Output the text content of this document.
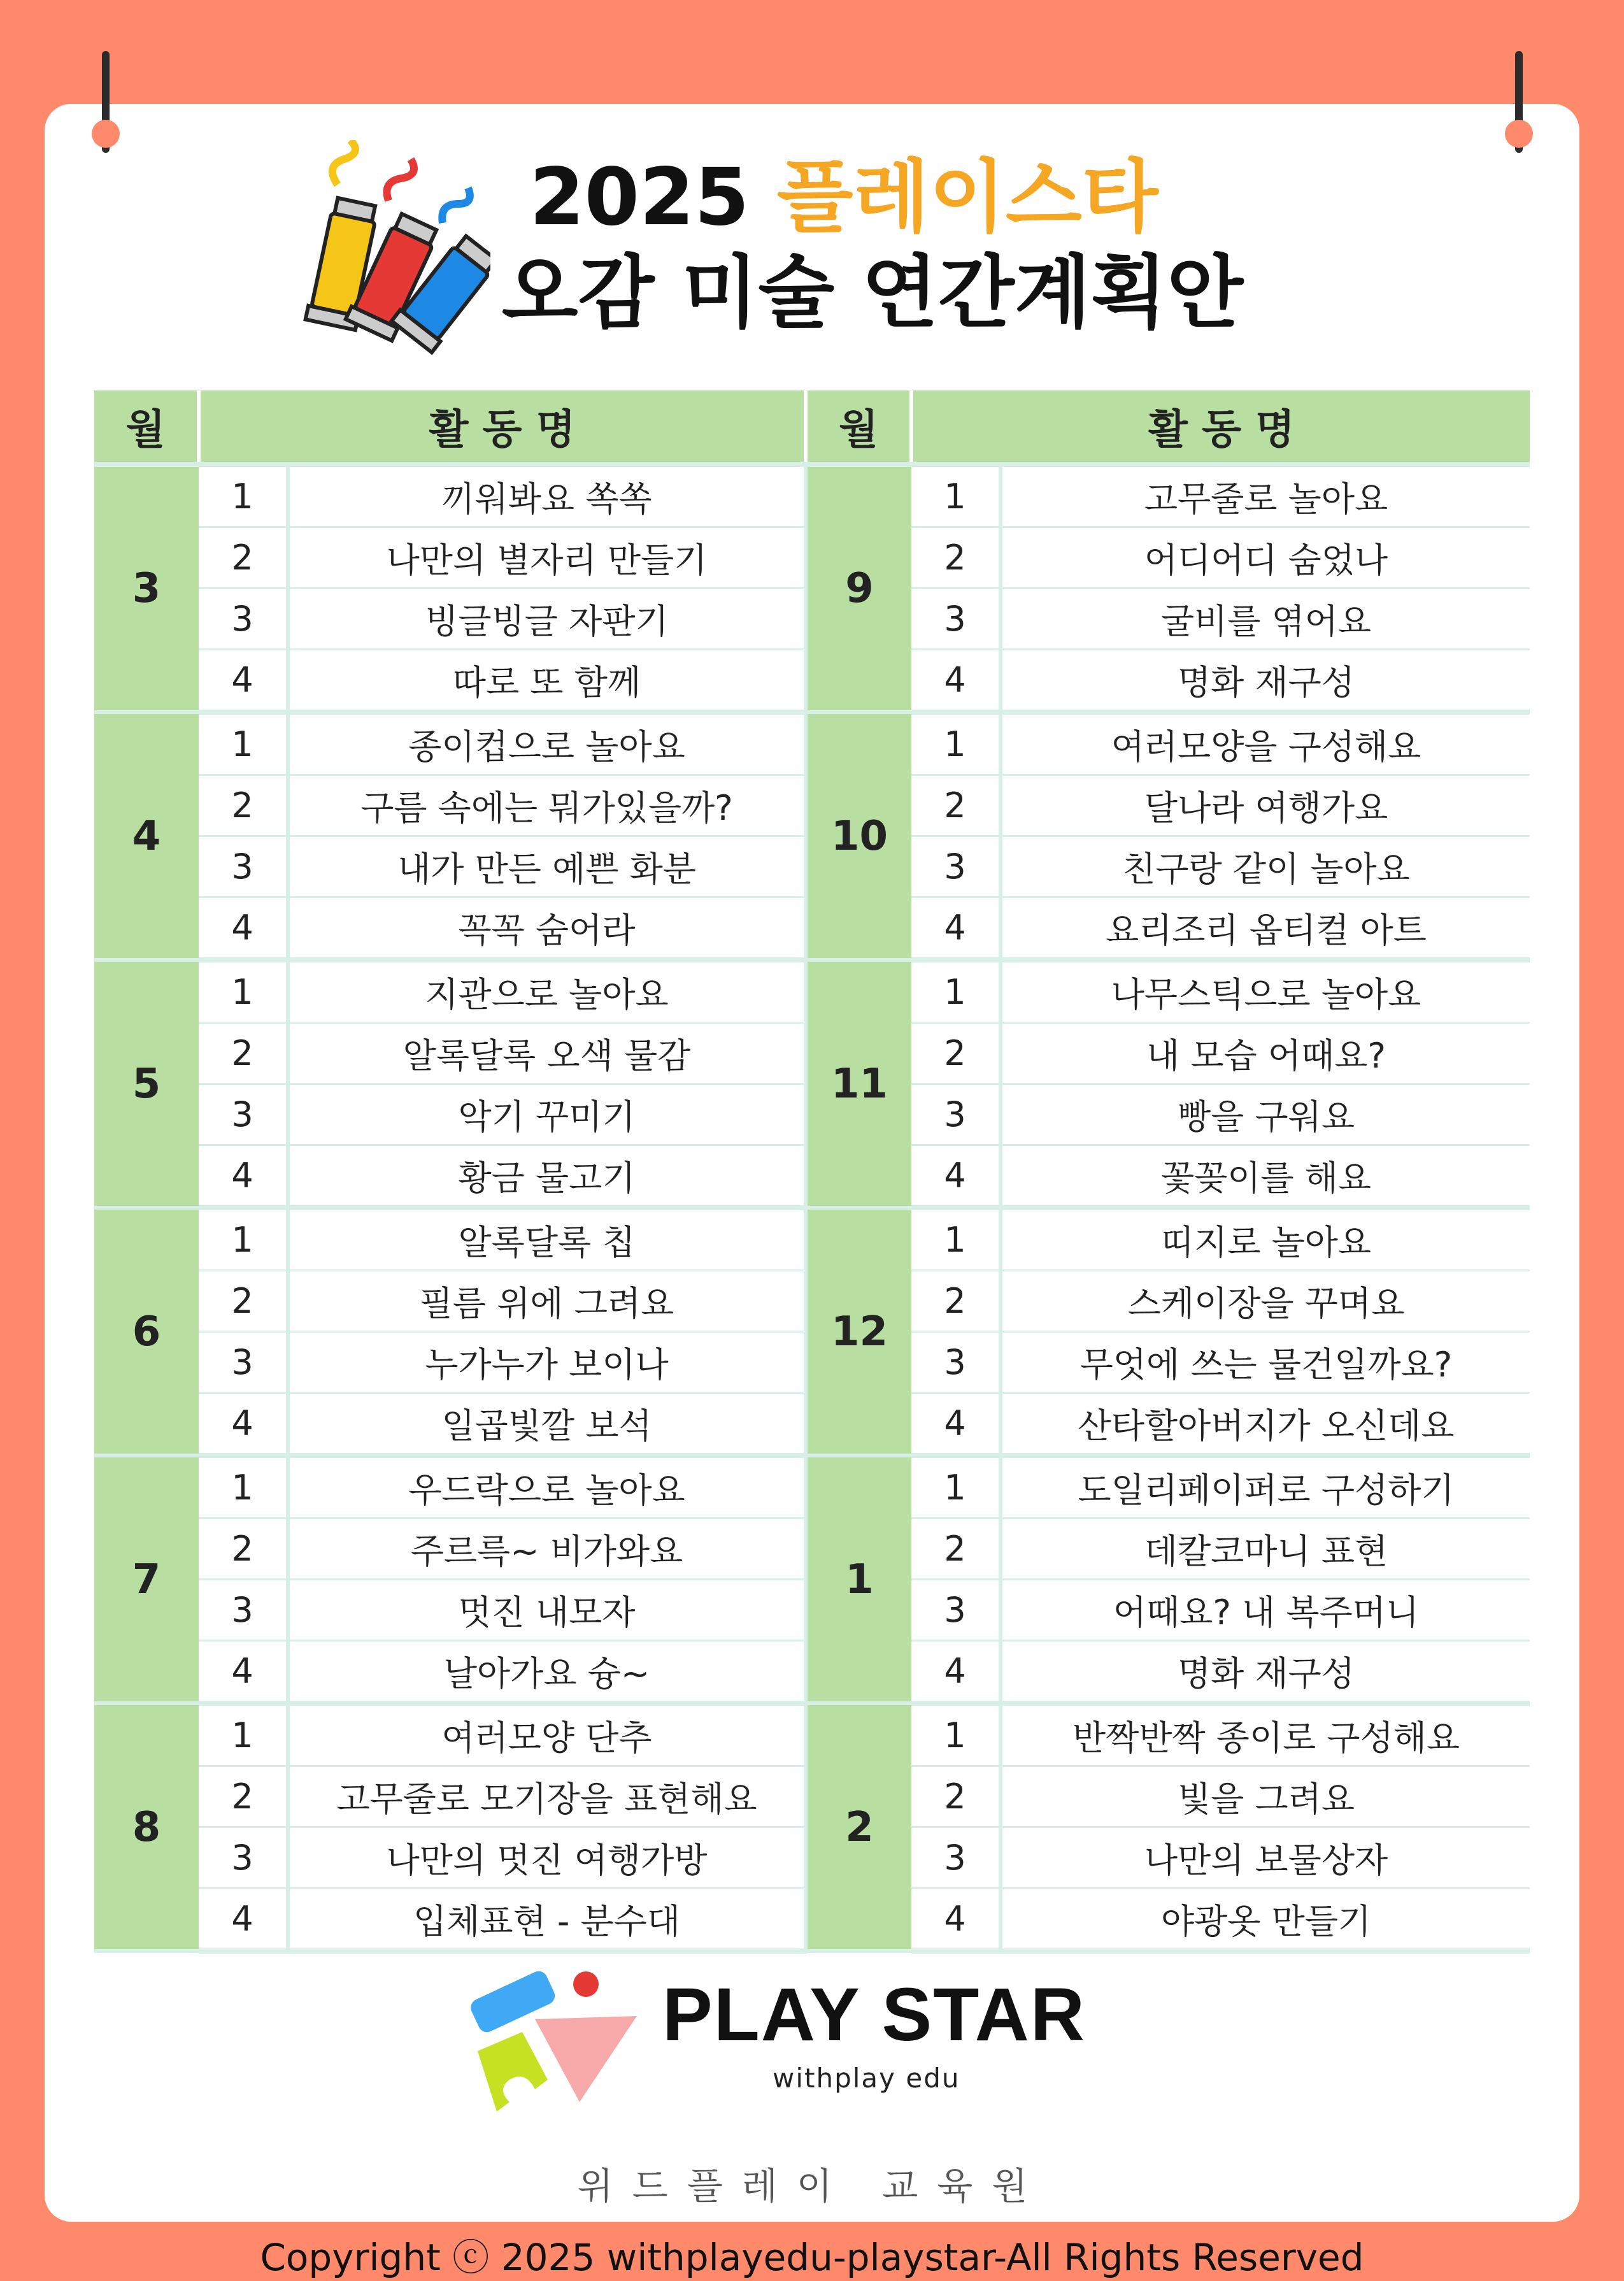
2025 플레이스타
오감 미술 연간계획안
월	활 동 명		월	활 동 명	
3	1	끼워봐요 쏙쏙	9	1	고무줄로 놀아요
	2	나만의 별자리 만들기		2	어디어디 숨었나
	3	빙글빙글 자판기		3	굴비를 엮어요
	4	따로 또 함께		4	명화 재구성
4	1	종이컵으로 놀아요	10	1	여러모양을 구성해요
	2	구름 속에는 뭐가있을까?		2	달나라 여행가요
	3	내가 만든 예쁜 화분		3	친구랑 같이 놀아요
	4	꼭꼭 숨어라		4	요리조리 옵티컬 아트
5	1	지관으로 놀아요	11	1	나무스틱으로 놀아요
	2	알록달록 오색 물감		2	내 모습 어때요?
	3	악기 꾸미기		3	빵을 구워요
	4	황금 물고기		4	꽃꽂이를 해요
6	1	알록달록 칩	12	1	띠지로 놀아요
	2	필름 위에 그려요		2	스케이장을 꾸며요
	3	누가누가 보이나		3	무엇에 쓰는 물건일까요?
	4	일곱빛깔 보석		4	산타할아버지가 오신데요
7	1	우드락으로 놀아요	1	1	도일리페이퍼로 구성하기
	2	주르륵~ 비가와요		2	데칼코마니 표현
	3	멋진 내모자		3	어때요? 내 복주머니
	4	날아가요 슝~		4	명화 재구성
8	1	여러모양 단추	2	1	반짝반짝 종이로 구성해요
	2	고무줄로 모기장을 표현해요		2	빛을 그려요
	3	나만의 멋진 여행가방		3	나만의 보물상자
	4	입체표현 - 분수대		4	야광옷 만들기
PLAY STAR
withplay edu
위드플레이 교육원
Copyright ⓒ 2025 withplayedu-playstar-All Rights Reserved
